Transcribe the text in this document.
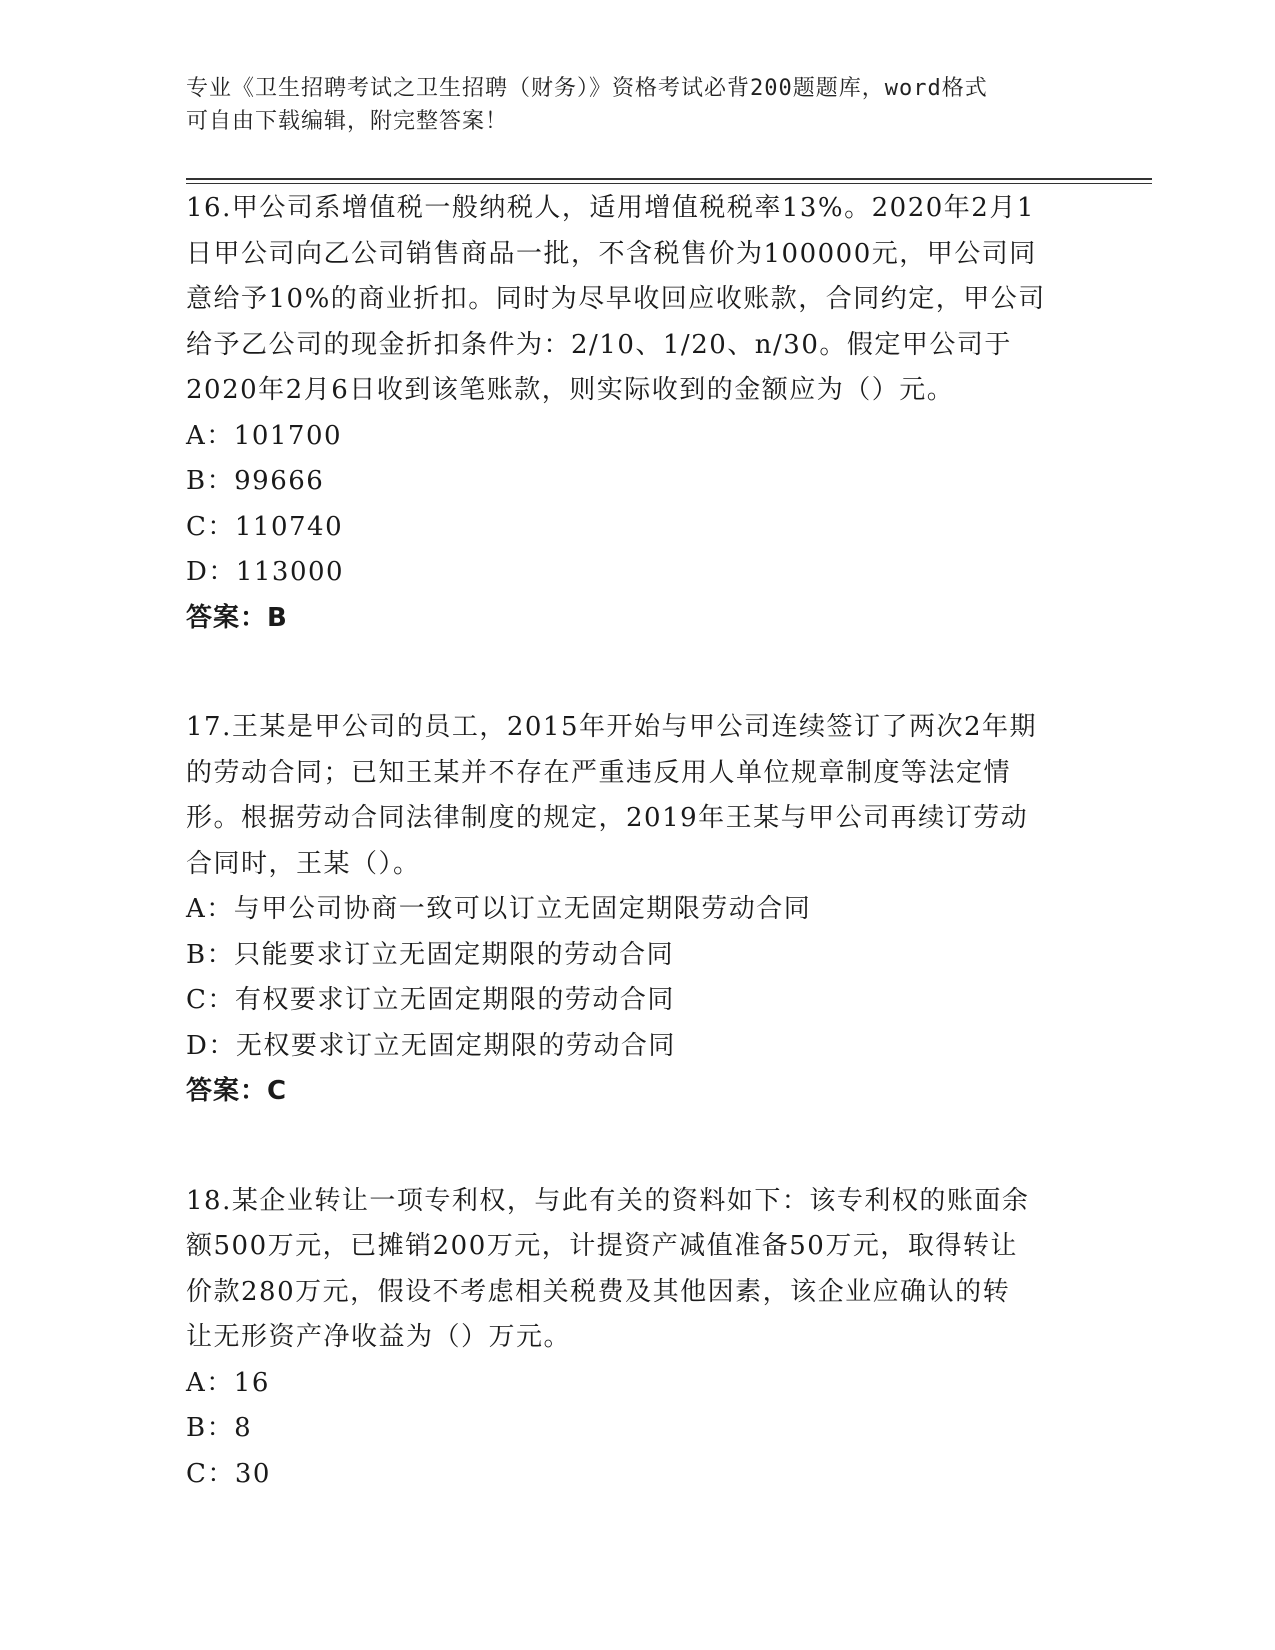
专业《卫生招聘考试之卫生招聘（财务）》资格考试必背200题题库，word格式
可自由下载编辑，附完整答案！

16.甲公司系增值税一般纳税人，适用增值税税率13%。2020年2月1
日甲公司向乙公司销售商品一批，不含税售价为100000元，甲公司同
意给予10%的商业折扣。同时为尽早收回应收账款，合同约定，甲公司
给予乙公司的现金折扣条件为：2/10、1/20、n/30。假定甲公司于
2020年2月6日收到该笔账款，则实际收到的金额应为（）元。

A：101700

B：99666

C：110740

D：113000

答案：B

17.王某是甲公司的员工，2015年开始与甲公司连续签订了两次2年期
的劳动合同；已知王某并不存在严重违反用人单位规章制度等法定情
形。根据劳动合同法律制度的规定，2019年王某与甲公司再续订劳动
合同时，王某（）。

A：与甲公司协商一致可以订立无固定期限劳动合同

B：只能要求订立无固定期限的劳动合同

C：有权要求订立无固定期限的劳动合同

D：无权要求订立无固定期限的劳动合同

答案：C

18.某企业转让一项专利权，与此有关的资料如下：该专利权的账面余
额500万元，已摊销200万元，计提资产减值准备50万元，取得转让
价款280万元，假设不考虑相关税费及其他因素，该企业应确认的转
让无形资产净收益为（）万元。

A：16

B：8

C：30
